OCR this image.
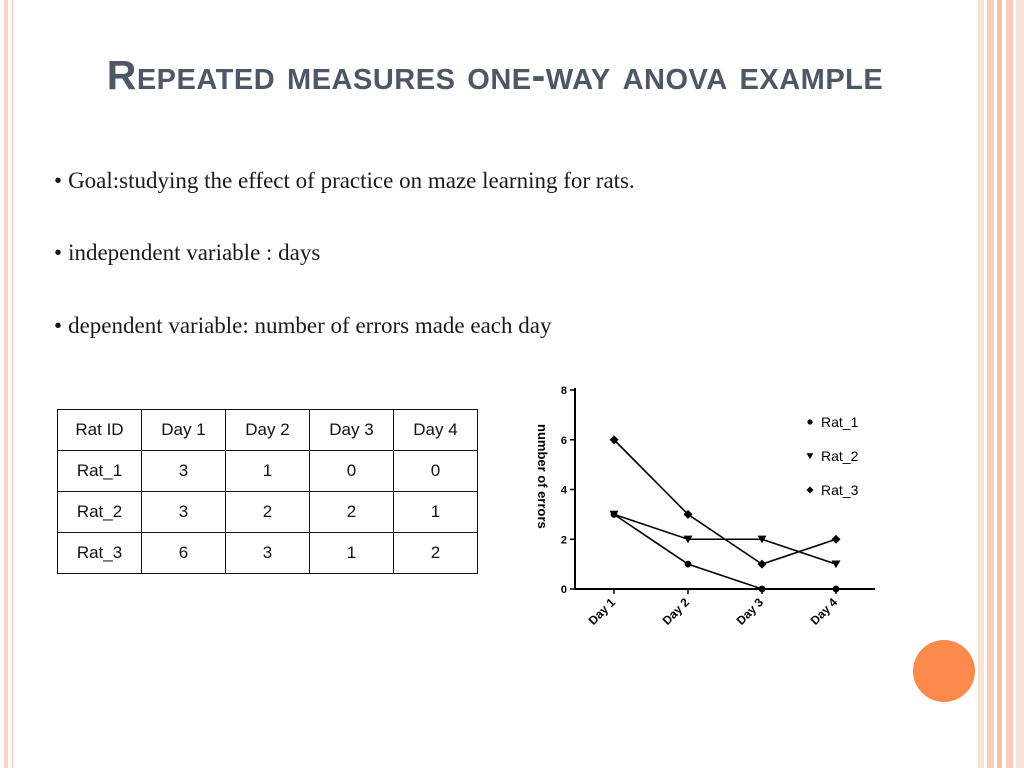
Repeated measures one-way anova example
• Goal:studying the effect of practice on maze learning for rats.
• independent variable : days
• dependent variable: number of errors made each day
Rat ID	Day 1	Day 2	Day 3	Day 4
Rat_1	3	1	0	0
Rat_2	3	2	2	1
Rat_3	6	3	1	2
0
2
4
6
8
number of errors
Day 1	Day 2	Day 3	Day 4
Rat_1
Rat_2
Rat_3
